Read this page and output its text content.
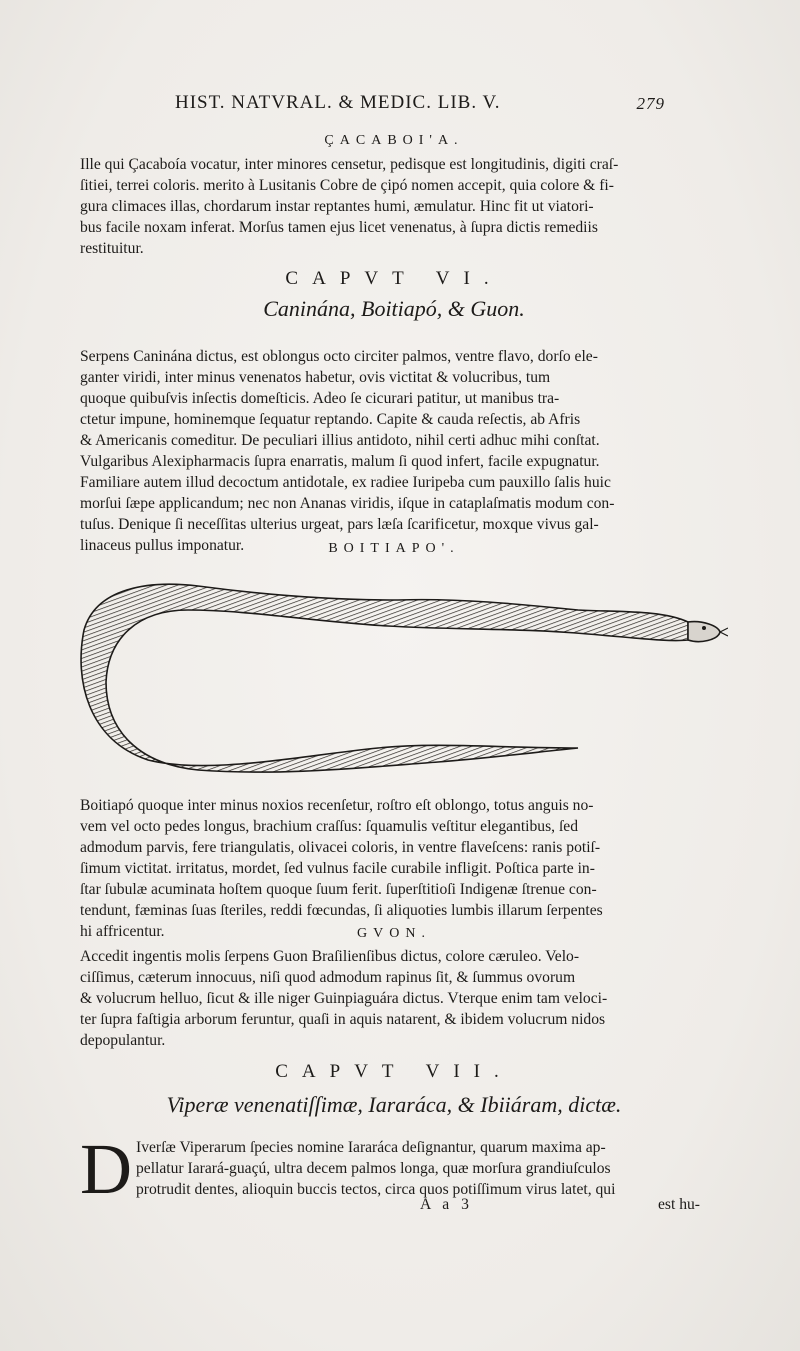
HIST. NATVRAL. & MEDIC. LIB. V.	279
ÇACABOI'A.

Ille qui Çacaboía vocatur, inter minores censetur, pedisque est longitudinis, digiti craſ-
ſitiei, terrei coloris. merito à Lusitanis Cobre de çipó nomen accepit, quia colore & fi-
gura climaces illas, chordarum instar reptantes humi, æmulatur. Hinc fit ut viatori-
bus facile noxam inferat. Morſus tamen ejus licet venenatus, à ſupra dictis remediis
restituitur.

CAPVT VI.
Caninána, Boitiapó, & Guon.

Serpens Caninána dictus, est oblongus octo circiter palmos, ventre flavo, dorſo ele-
ganter viridi, inter minus venenatos habetur, ovis victitat & volucribus, tum
quoque quibuſvis inſectis domeſticis. Adeo ſe cicurari patitur, ut manibus tra-
ctetur impune, hominemque ſequatur reptando. Capite & cauda reſectis, ab Afris
& Americanis comeditur. De peculiari illius antidoto, nihil certi adhuc mihi conſtat.
Vulgaribus Alexipharmacis ſupra enarratis, malum ſi quod infert, facile expugnatur.
Familiare autem illud decoctum antidotale, ex radiee Iuripeba cum pauxillo ſalis huic
morſui ſæpe applicandum; nec non Ananas viridis, iſque in cataplaſmatis modum con-
tuſus. Denique ſi neceſſitas ulterius urgeat, pars læſa ſcarificetur, moxque vivus gal-
linaceus pullus imponatur.	BOITIAPO'.

Boitiapó quoque inter minus noxios recenſetur, roſtro eſt oblongo, totus anguis no-
vem vel octo pedes longus, brachium craſſus: ſquamulis veſtitur elegantibus, ſed
admodum parvis, fere triangulatis, olivacei coloris, in ventre flaveſcens: ranis potiſ-
ſimum victitat. irritatus, mordet, ſed vulnus facile curabile infligit. Poſtica parte in-
ſtar ſubulæ acuminata hoſtem quoque ſuum ferit. ſuperſtitioſi Indigenæ ſtrenue con-
tendunt, fæminas ſuas ſteriles, reddi fœcundas, ſi aliquoties lumbis illarum ſerpentes
hi affricentur.	GVON.

Accedit ingentis molis ſerpens Guon Braſilienſibus dictus, colore cæruleo. Velo-
ciſſimus, cæterum innocuus, niſi quod admodum rapinus ſit, & ſummus ovorum
& volucrum helluo, ſicut & ille niger Guinpiaguára dictus. Vterque enim tam veloci-
ter ſupra faſtigia arborum feruntur, quaſi in aquis natarent, & ibidem volucrum nidos
depopulantur.

CAPVT VII.
Viperæ venenatiſſimæ, Iararáca, & Ibiiáram, dictæ.
D Iverſæ Viperarum ſpecies nomine Iararáca deſignantur, quarum maxima ap-
pellatur Iarará-guaçú, ultra decem palmos longa, quæ morſura grandiuſculos
protrudit dentes, alioquin buccis tectos, circa quos potiſſimum virus latet, qui

A a 3	est hu-
